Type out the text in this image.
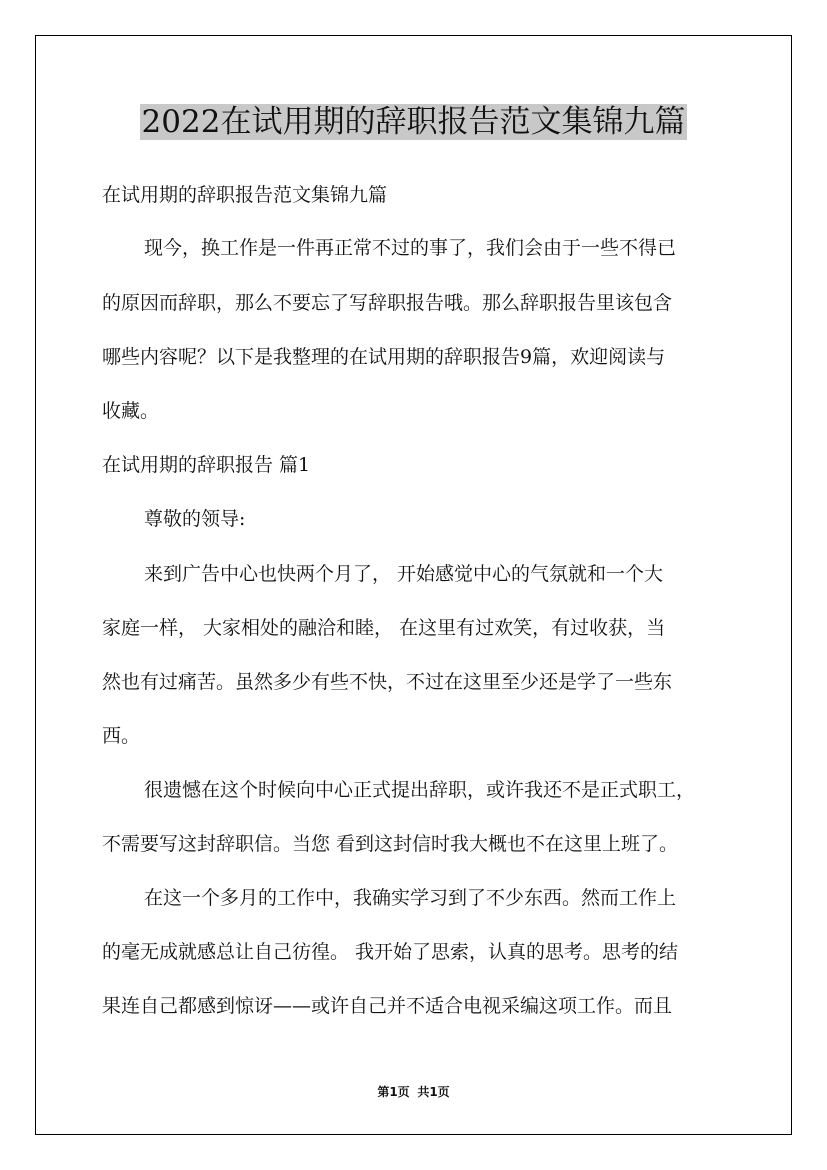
2022在试用期的辞职报告范文集锦九篇

在试用期的辞职报告范文集锦九篇

现今，换工作是一件再正常不过的事了，我们会由于一些不得已

的原因而辞职，那么不要忘了写辞职报告哦。那么辞职报告里该包含

哪些内容呢？以下是我整理的在试用期的辞职报告9篇，欢迎阅读与

收藏。

在试用期的辞职报告 篇1

尊敬的领导:

来到广告中心也快两个月了， 开始感觉中心的气氛就和一个大

家庭一样， 大家相处的融洽和睦， 在这里有过欢笑，有过收获，当

然也有过痛苦。虽然多少有些不快，不过在这里至少还是学了一些东

西。

很遗憾在这个时候向中心正式提出辞职，或许我还不是正式职工，

不需要写这封辞职信。当您 看到这封信时我大概也不在这里上班了。

在这一个多月的工作中，我确实学习到了不少东西。然而工作上

的毫无成就感总让自己彷徨。 我开始了思索，认真的思考。思考的结

果连自己都感到惊讶——或许自己并不适合电视采编这项工作。而且

第1页 共1页
